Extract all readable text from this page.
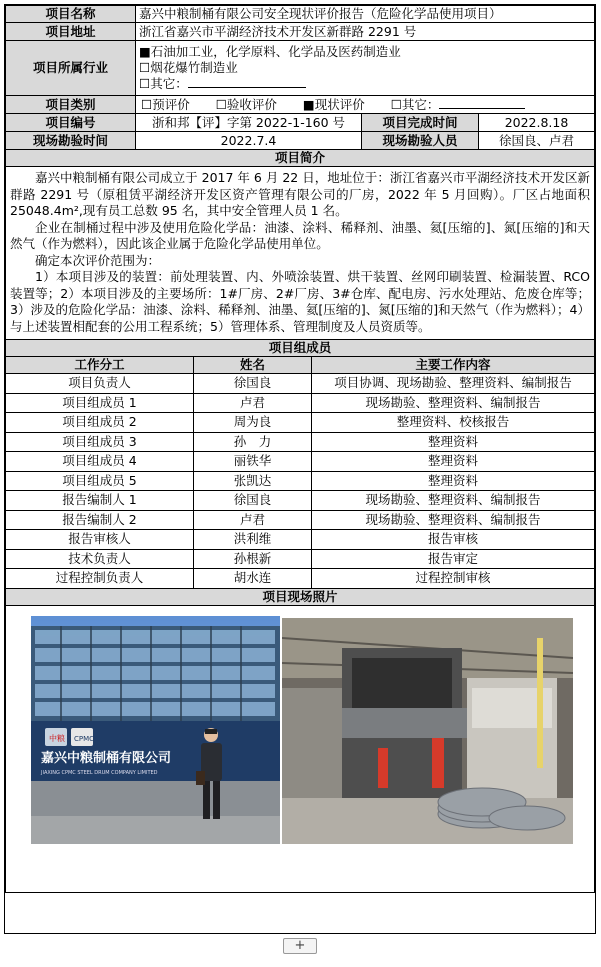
项目名称	嘉兴中粮制桶有限公司安全现状评价报告（危险化学品使用项目）		
项目地址	浙江省嘉兴市平湖经济技术开发区新群路 2291 号		
项目所属行业	■石油加工业，化学原料、化学品及医药制造业
☐烟花爆竹制造业
☐其它：		

项目类别	☐预评价 ☐验收评价 ■现状评价 ☐其它：		
项目编号	浙和邦【评】字第 2022-1-160 号	项目完成时间	2022.8.18
现场勘验时间	2022.7.4	现场勘验人员	徐国良、卢君
项目简介			

嘉兴中粮制桶有限公司成立于 2017 年 6 月 22 日，地址位于：浙江省嘉兴市平湖经济技术开发区新群路 2291 号（原租赁平湖经济开发区资产管理有限公司的厂房，2022 年 5 月回购）。厂区占地面积 25048.4m²,现有员工总数 95 名，其中安全管理人员 1 名。

企业在制桶过程中涉及使用危险化学品：油漆、涂料、稀释剂、油墨、氦[压缩的]、氮[压缩的]和天然气（作为燃料），因此该企业属于危险化学品使用单位。

确定本次评价范围为：

1）本项目涉及的装置：前处理装置、内、外喷涂装置、烘干装置、丝网印刷装置、检漏装置、RCO 装置等；2）本项目涉及的主要场所：1#厂房、2#厂房、3#仓库、配电房、污水处理站、危废仓库等；3）涉及的危险化学品：油漆、涂料、稀释剂、油墨、氦[压缩的]、氮[压缩的]和天然气（作为燃料）；4）与上述装置相配套的公用工程系统；5）管理体系、管理制度及人员资质等。			

项目组成员		
工作分工	姓名	主要工作内容
项目负责人	徐国良	项目协调、现场勘验、整理资料、编制报告
项目组成员 1	卢君	现场勘验、整理资料、编制报告
项目组成员 2	周为良	整理资料、校核报告
项目组成员 3	孙　力	整理资料
项目组成员 4	丽铁华	整理资料
项目组成员 5	张凯达	整理资料
报告编制人 1	徐国良	现场勘验、整理资料、编制报告
报告编制人 2	卢君	现场勘验、整理资料、编制报告
报告审核人	洪利维	报告审核
技术负责人	孙根新	报告审定
过程控制负责人	胡水连	过程控制审核
项目现场照片		

中粮 CPMC
嘉兴中粮制桶有限公司
JIAXING CPMC STEEL DRUM COMPANY LIMITED		
+
